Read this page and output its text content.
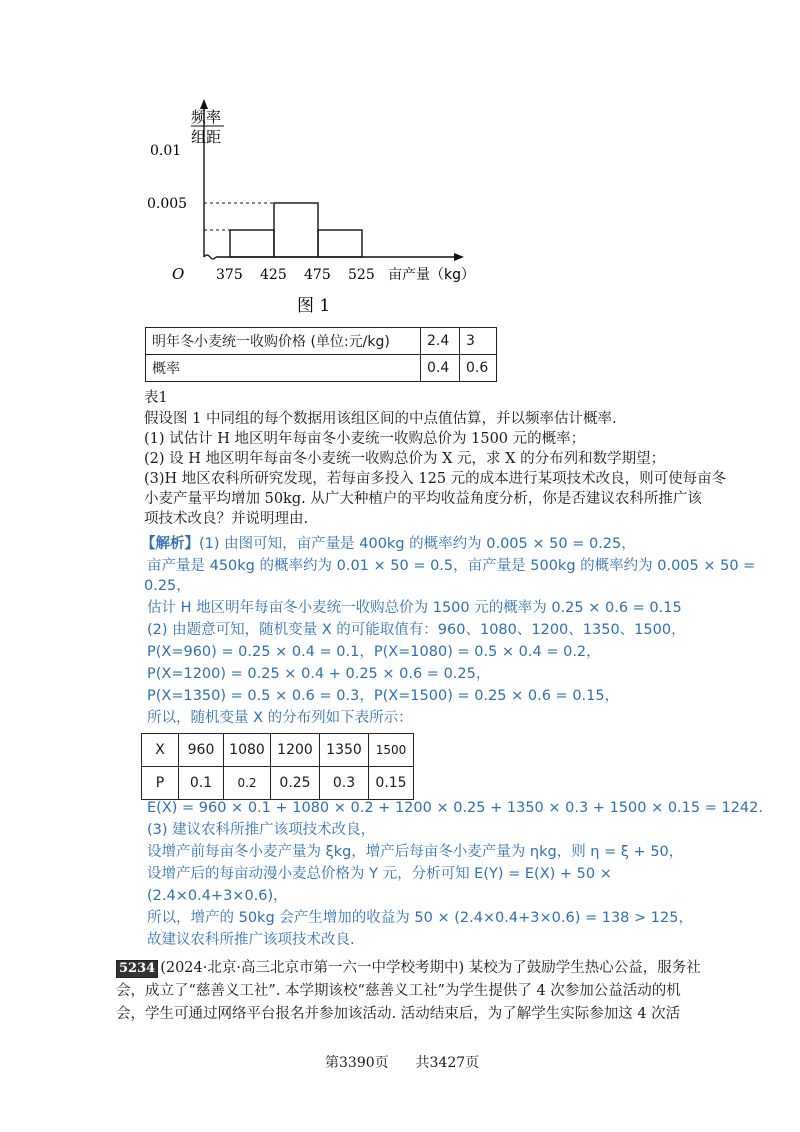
频率
组距
0.01
0.005
O 375 425 475 525 亩产量（kg）
图 1
明年冬小麦统一收购价格 (单位:元/kg)	2.4	3
概率	0.4	0.6
表1
假设图 1 中同组的每个数据用该组区间的中点值估算，并以频率估计概率.
(1) 试估计 H 地区明年每亩冬小麦统一收购总价为 1500 元的概率；
(2) 设 H 地区明年每亩冬小麦统一收购总价为 X 元，求 X 的分布列和数学期望；
(3)H 地区农科所研究发现，若每亩多投入 125 元的成本进行某项技术改良，则可使每亩冬
小麦产量平均增加 50kg. 从广大种植户的平均收益角度分析，你是否建议农科所推广该
项技术改良？并说明理由.
【解析】(1) 由图可知，亩产量是 400kg 的概率约为 0.005 × 50 = 0.25，
亩产量是 450kg 的概率约为 0.01 × 50 = 0.5，亩产量是 500kg 的概率约为 0.005 × 50 =
0.25，
估计 H 地区明年每亩冬小麦统一收购总价为 1500 元的概率为 0.25 × 0.6 = 0.15
(2) 由题意可知，随机变量 X 的可能取值有：960、1080、1200、1350、1500，
P(X=960) = 0.25 × 0.4 = 0.1，P(X=1080) = 0.5 × 0.4 = 0.2，
P(X=1200) = 0.25 × 0.4 + 0.25 × 0.6 = 0.25，
P(X=1350) = 0.5 × 0.6 = 0.3，P(X=1500) = 0.25 × 0.6 = 0.15，
所以，随机变量 X 的分布列如下表所示：
X	960	1080	1200	1350	1500
P	0.1	0.2	0.25	0.3	0.15
E(X) = 960 × 0.1 + 1080 × 0.2 + 1200 × 0.25 + 1350 × 0.3 + 1500 × 0.15 = 1242.
(3) 建议农科所推广该项技术改良，
设增产前每亩冬小麦产量为 ξkg，增产后每亩冬小麦产量为 ηkg，则 η = ξ + 50，
设增产后的每亩动漫小麦总价格为 Y 元，分析可知 E(Y) = E(X) + 50 ×
(2.4×0.4+3×0.6)，
所以，增产的 50kg 会产生增加的收益为 50 × (2.4×0.4+3×0.6) = 138 > 125，
故建议农科所推广该项技术改良.
5234 (2024·北京·高三北京市第一六一中学校考期中) 某校为了鼓励学生热心公益，服务社
会，成立了“慈善义工社”. 本学期该校“慈善义工社”为学生提供了 4 次参加公益活动的机
会，学生可通过网络平台报名并参加该活动. 活动结束后，为了解学生实际参加这 4 次活
第3390页 共3427页
